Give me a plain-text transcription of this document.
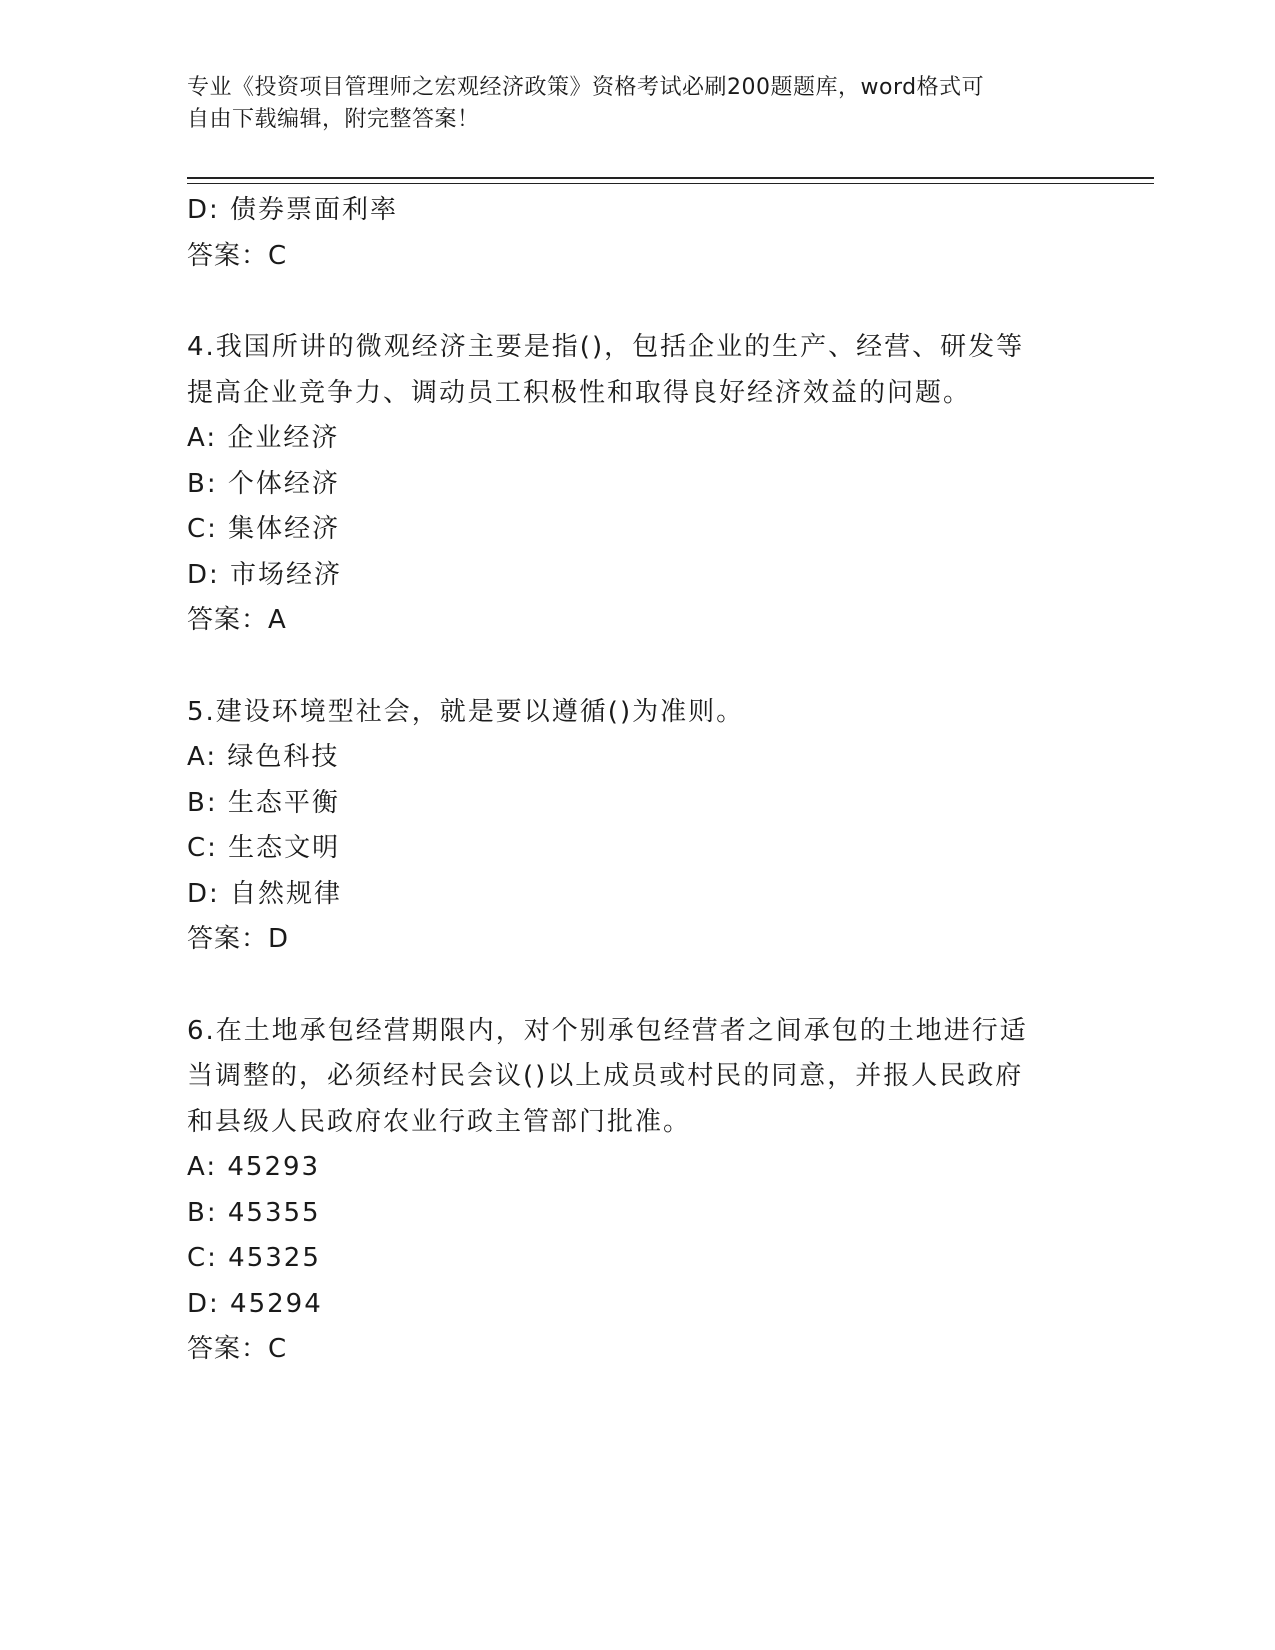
专业《投资项目管理师之宏观经济政策》资格考试必刷200题题库，word格式可
自由下载编辑，附完整答案！
D: 债券票面利率
答案：C
4.我国所讲的微观经济主要是指()，包括企业的生产、经营、研发等
提高企业竞争力、调动员工积极性和取得良好经济效益的问题。
A: 企业经济
B: 个体经济
C: 集体经济
D: 市场经济
答案：A
5.建设环境型社会，就是要以遵循()为准则。
A: 绿色科技
B: 生态平衡
C: 生态文明
D: 自然规律
答案：D
6.在土地承包经营期限内，对个别承包经营者之间承包的土地进行适
当调整的，必须经村民会议()以上成员或村民的同意，并报人民政府
和县级人民政府农业行政主管部门批准。
A: 45293
B: 45355
C: 45325
D: 45294
答案：C
